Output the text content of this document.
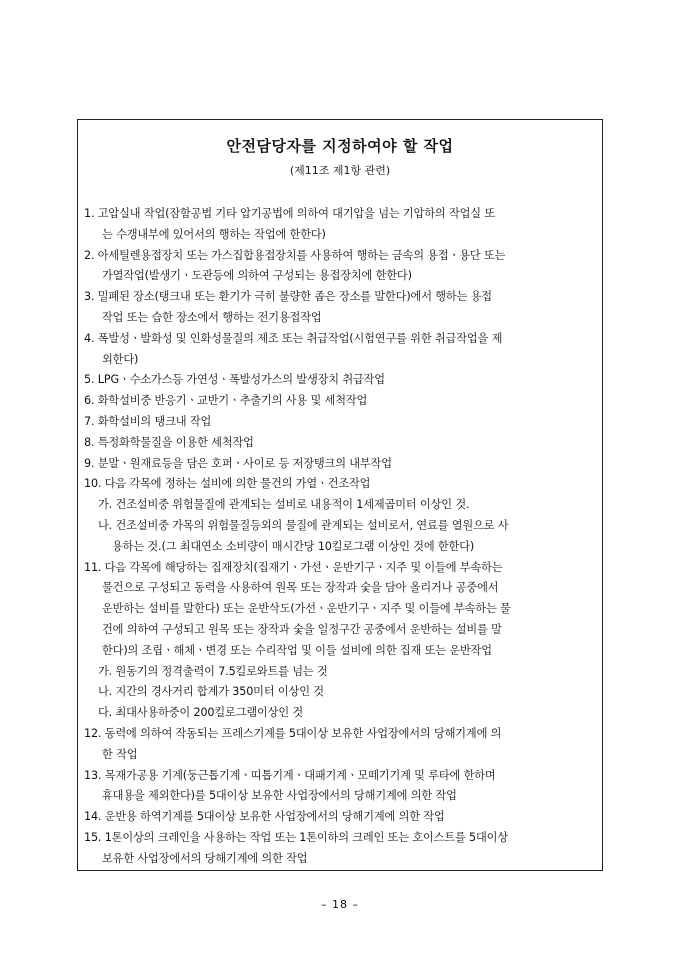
안전담당자를 지정하여야 할 작업
(제11조 제1항 관련)
1. 고압실내 작업(잠함공법 기타 압기공법에 의하여 대기압을 넘는 기압하의 작업실 또
는 수갱내부에 있어서의 행하는 작업에 한한다)
2. 아세틸렌용접장치 또는 가스집합용접장치를 사용하여 행하는 금속의 용접ㆍ용단 또는
가열작업(발생기ㆍ도관등에 의하여 구성되는 용접장치에 한한다)
3. 밀폐된 장소(탱크내 또는 환기가 극히 불량한 좁은 장소를 말한다)에서 행하는 용접
작업 또는 습한 장소에서 행하는 전기용접작업
4. 폭발성ㆍ발화성 및 인화성물질의 제조 또는 취급작업(시험연구를 위한 취급작업을 제
외한다)
5. LPGㆍ수소가스등 가연성ㆍ폭발성가스의 발생장치 취급작업
6. 화학설비중 반응기ㆍ교반기ㆍ추출기의 사용 및 세척작업
7. 화학설비의 탱크내 작업
8. 특정화학물질을 이용한 세척작업
9. 분말ㆍ원재료등을 담은 호퍼ㆍ사이로 등 저장탱크의 내부작업
10. 다음 각목에 정하는 설비에 의한 물건의 가열ㆍ건조작업
가. 건조설비중 위험물질에 관계되는 설비로 내용적이 1세제곱미터 이상인 것.
나. 건조설비중 가목의 위험물질등외의 물질에 관계되는 설비로서, 연료를 열원으로 사
용하는 것.(그 최대연소 소비량이 매시간당 10킬로그램 이상인 것에 한한다)
11. 다음 각목에 해당하는 집재장치(집재기ㆍ가선ㆍ운반기구ㆍ지주 및 이들에 부속하는
물건으로 구성되고 동력을 사용하여 원목 또는 장작과 숯을 담아 올리거나 공중에서
운반하는 설비를 말한다) 또는 운반삭도(가선ㆍ운반기구ㆍ지주 및 이들에 부속하는 물
건에 의하여 구성되고 원목 또는 장작과 숯을 일정구간 공중에서 운반하는 설비를 말
한다)의 조립ㆍ해체ㆍ변경 또는 수리작업 및 이들 설비에 의한 집재 또는 운반작업
가. 원동기의 정격출력이 7.5킬로와트를 넘는 것
나. 지간의 경사거리 합계가 350미터 이상인 것
다. 최대사용하중이 200킬로그램이상인 것
12. 동력에 의하여 작동되는 프레스기계를 5대이상 보유한 사업장에서의 당해기계에 의
한 작업
13. 목재가공용 기계(둥근톱기계ㆍ띠톱기계ㆍ대패기계ㆍ모떼기기계 및 루타에 한하며
휴대용을 제외한다)를 5대이상 보유한 사업장에서의 당해기계에 의한 작업
14. 운반용 하역기계를 5대이상 보유한 사업장에서의 당해기계에 의한 작업
15. 1톤이상의 크레인을 사용하는 작업 또는 1톤이하의 크레인 또는 호이스트를 5대이상
보유한 사업장에서의 당해기계에 의한 작업
– 18 –
